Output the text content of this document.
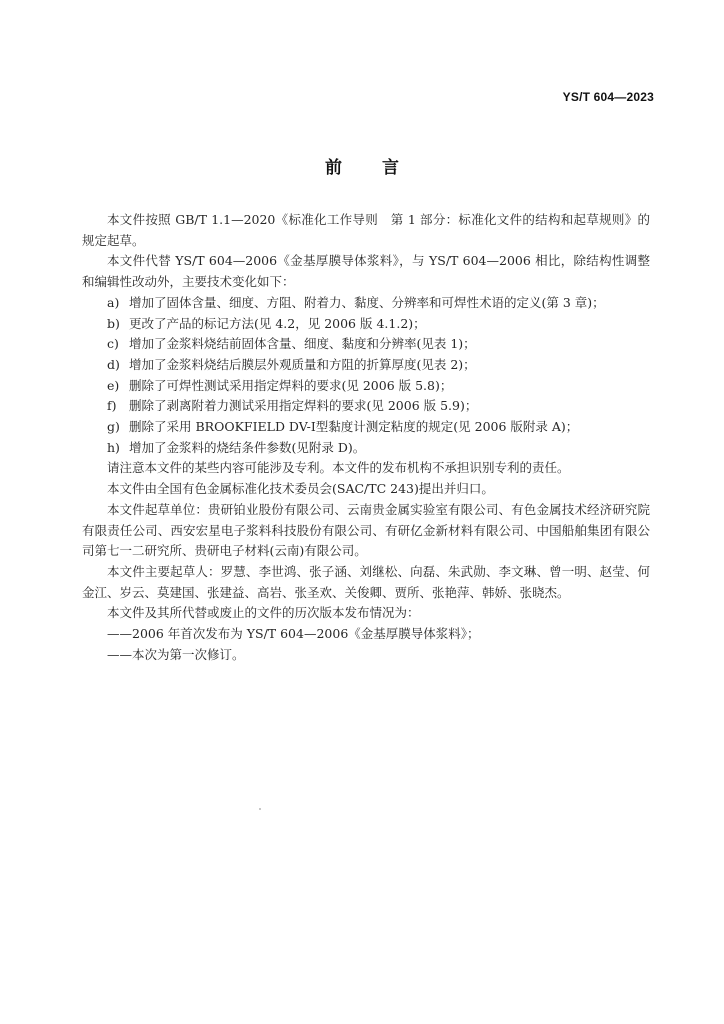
YS/T 604—2023
前言

本文件按照 GB/T 1.1—2020《标准化工作导则　第 1 部分：标准化文件的结构和起草规则》的规定起草。

本文件代替 YS/T 604—2006《金基厚膜导体浆料》，与 YS/T 604—2006 相比，除结构性调整和编辑性改动外，主要技术变化如下：

a) 增加了固体含量、细度、方阻、附着力、黏度、分辨率和可焊性术语的定义(第 3 章)；
b) 更改了产品的标记方法(见 4.2，见 2006 版 4.1.2)；
c) 增加了金浆料烧结前固体含量、细度、黏度和分辨率(见表 1)；
d) 增加了金浆料烧结后膜层外观质量和方阻的折算厚度(见表 2)；
e) 删除了可焊性测试采用指定焊料的要求(见 2006 版 5.8)；
f) 删除了剥离附着力测试采用指定焊料的要求(见 2006 版 5.9)；
g) 删除了采用 BROOKFIELD DV-Ⅰ型黏度计测定粘度的规定(见 2006 版附录 A)；
h) 增加了金浆料的烧结条件参数(见附录 D)。

请注意本文件的某些内容可能涉及专利。本文件的发布机构不承担识别专利的责任。

本文件由全国有色金属标准化技术委员会(SAC/TC 243)提出并归口。

本文件起草单位：贵研铂业股份有限公司、云南贵金属实验室有限公司、有色金属技术经济研究院有限责任公司、西安宏星电子浆料科技股份有限公司、有研亿金新材料有限公司、中国船舶集团有限公司第七一二研究所、贵研电子材料(云南)有限公司。

本文件主要起草人：罗慧、李世鸿、张子涵、刘继松、向磊、朱武勋、李文琳、曾一明、赵莹、何金江、岁云、莫建国、张建益、高岩、张圣欢、关俊卿、贾所、张艳萍、韩娇、张晓杰。

本文件及其所代替或废止的文件的历次版本发布情况为：

——2006 年首次发布为 YS/T 604—2006《金基厚膜导体浆料》；

——本次为第一次修订。
